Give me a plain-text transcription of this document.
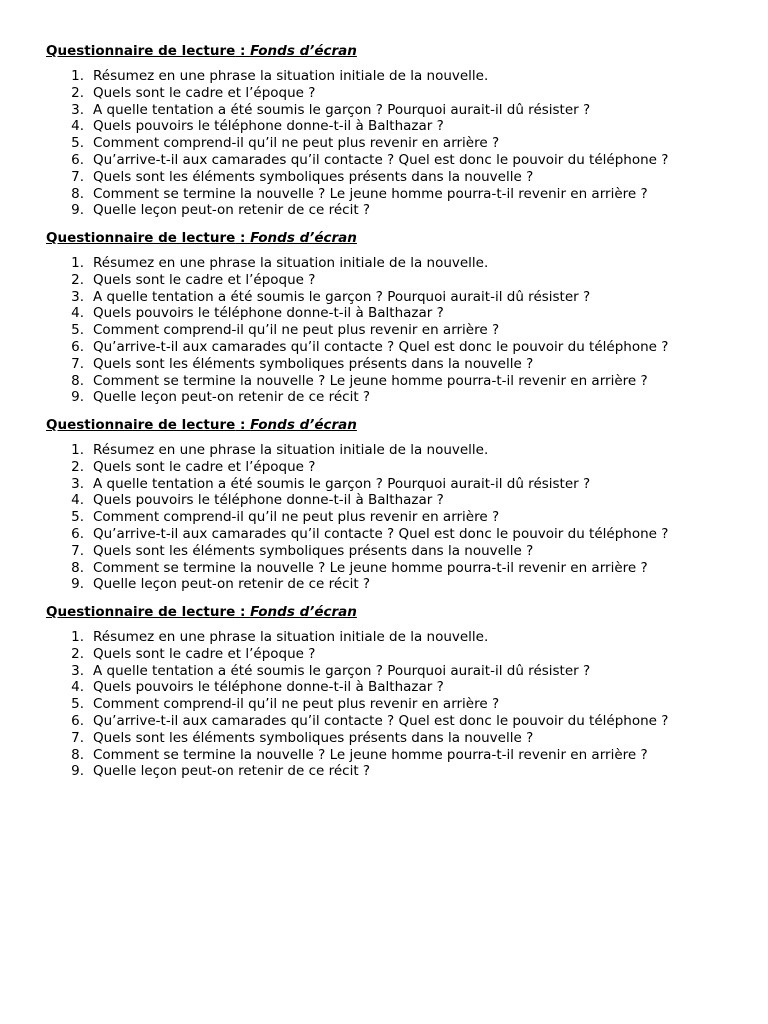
Questionnaire de lecture : Fonds d’écran
1. Résumez en une phrase la situation initiale de la nouvelle.
2. Quels sont le cadre et l’époque ?
3. A quelle tentation a été soumis le garçon ? Pourquoi aurait-il dû résister ?
4. Quels pouvoirs le téléphone donne-t-il à Balthazar ?
5. Comment comprend-il qu’il ne peut plus revenir en arrière ?
6. Qu’arrive-t-il aux camarades qu’il contacte ? Quel est donc le pouvoir du téléphone ?
7. Quels sont les éléments symboliques présents dans la nouvelle ?
8. Comment se termine la nouvelle ? Le jeune homme pourra-t-il revenir en arrière ?
9. Quelle leçon peut-on retenir de ce récit ?
Questionnaire de lecture : Fonds d’écran
1. Résumez en une phrase la situation initiale de la nouvelle.
2. Quels sont le cadre et l’époque ?
3. A quelle tentation a été soumis le garçon ? Pourquoi aurait-il dû résister ?
4. Quels pouvoirs le téléphone donne-t-il à Balthazar ?
5. Comment comprend-il qu’il ne peut plus revenir en arrière ?
6. Qu’arrive-t-il aux camarades qu’il contacte ? Quel est donc le pouvoir du téléphone ?
7. Quels sont les éléments symboliques présents dans la nouvelle ?
8. Comment se termine la nouvelle ? Le jeune homme pourra-t-il revenir en arrière ?
9. Quelle leçon peut-on retenir de ce récit ?
Questionnaire de lecture : Fonds d’écran
1. Résumez en une phrase la situation initiale de la nouvelle.
2. Quels sont le cadre et l’époque ?
3. A quelle tentation a été soumis le garçon ? Pourquoi aurait-il dû résister ?
4. Quels pouvoirs le téléphone donne-t-il à Balthazar ?
5. Comment comprend-il qu’il ne peut plus revenir en arrière ?
6. Qu’arrive-t-il aux camarades qu’il contacte ? Quel est donc le pouvoir du téléphone ?
7. Quels sont les éléments symboliques présents dans la nouvelle ?
8. Comment se termine la nouvelle ? Le jeune homme pourra-t-il revenir en arrière ?
9. Quelle leçon peut-on retenir de ce récit ?
Questionnaire de lecture : Fonds d’écran
1. Résumez en une phrase la situation initiale de la nouvelle.
2. Quels sont le cadre et l’époque ?
3. A quelle tentation a été soumis le garçon ? Pourquoi aurait-il dû résister ?
4. Quels pouvoirs le téléphone donne-t-il à Balthazar ?
5. Comment comprend-il qu’il ne peut plus revenir en arrière ?
6. Qu’arrive-t-il aux camarades qu’il contacte ? Quel est donc le pouvoir du téléphone ?
7. Quels sont les éléments symboliques présents dans la nouvelle ?
8. Comment se termine la nouvelle ? Le jeune homme pourra-t-il revenir en arrière ?
9. Quelle leçon peut-on retenir de ce récit ?
